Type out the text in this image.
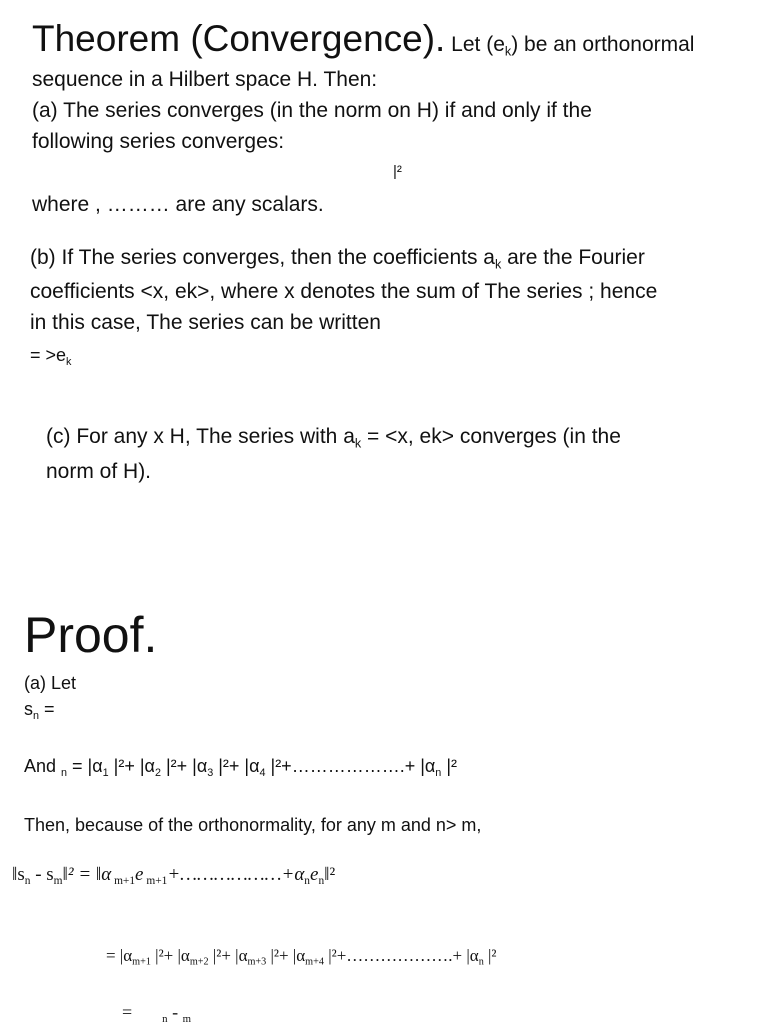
Theorem (Convergence). Let $(e_k)$ be an orthonormal
sequence in a Hilbert space H. Then:
(a) The series converges (in the norm on H) if and only if the
following series converges:
|²
where , ……… are any scalars.
(b) If The series converges, then the coefficients $a_k$ are the Fourier
coefficients <x, ek>, where x denotes the sum of The series ; hence
in this case, The series can be written
= $>e_k$
(c) For any x H, The series with $a_k = <x$, ek> converges (in the
norm of H).
Proof.
(a) Let
$s_n$ =
And $_n = |\alpha_1$ $|^2+ |\alpha_2$ $|^2+ |\alpha_3$ $|^2+ |\alpha_4$ |²+……………….+ $|\alpha_n$ |²
Then, because of the orthonormality, for any m and n> m,
$‖s_n$ - $s_m‖^2$ = ‖α $_{m+1}$e $_{m+1}+\dots\dots\dots\dots\dots\dots+\alpha_ne_n‖^2$
= $|\alpha_{m+1}$ $|^2+ |\alpha_{m+2}$ $|^2+ |\alpha_{m+3}$ $|^2+ |\alpha_{m+4}$ |²+……………….+ $|\alpha_n$ |²
=	$_n$ - $_m$
